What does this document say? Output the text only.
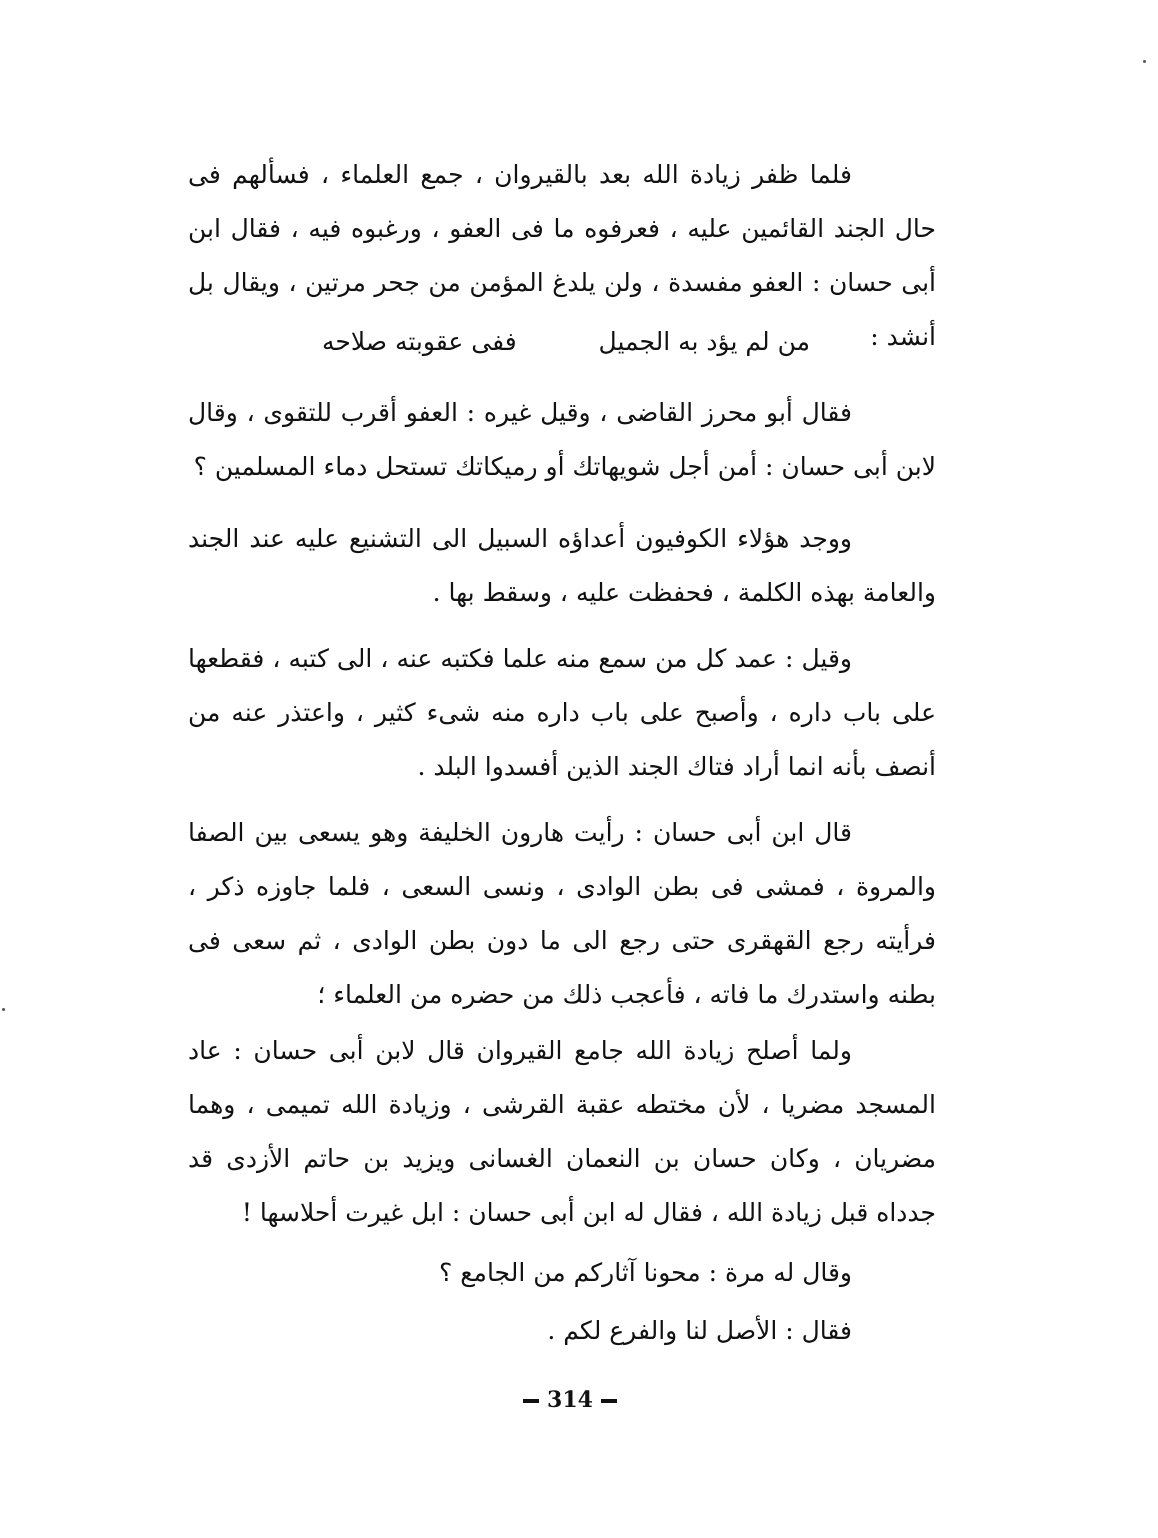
فلما ظفر زيادة الله بعد بالقيروان ، جمع العلماء ، فسألهم فى حال الجند القائمين عليه ، فعرفوه ما فى العفو ، ورغبوه فيه ، فقال ابن أبى حسان : العفو مفسدة ، ولن يلدغ المؤمن من جحر مرتين ، ويقال بل أنشد :

من لم يؤد به الجميل
ففى عقوبته صلاحه

فقال أبو محرز القاضى ، وقيل غيره : العفو أقرب للتقوى ، وقال لابن أبى حسان : أمن أجل شويهاتك أو رميكاتك تستحل دماء المسلمين ؟

ووجد هؤلاء الكوفيون أعداؤه السبيل الى التشنيع عليه عند الجند والعامة بهذه الكلمة ، فحفظت عليه ، وسقط بها .

وقيل : عمد كل من سمع منه علما فكتبه عنه ، الى كتبه ، فقطعها على باب داره ، وأصبح على باب داره منه شىء كثير ، واعتذر عنه من أنصف بأنه انما أراد فتاك الجند الذين أفسدوا البلد .

قال ابن أبى حسان : رأيت هارون الخليفة وهو يسعى بين الصفا والمروة ، فمشى فى بطن الوادى ، ونسى السعى ، فلما جاوزه ذكر ، فرأيته رجع القهقرى حتى رجع الى ما دون بطن الوادى ، ثم سعى فى بطنه واستدرك ما فاته ، فأعجب ذلك من حضره من العلماء ؛

ولما أصلح زيادة الله جامع القيروان قال لابن أبى حسان : عاد المسجد مضريا ، لأن مختطه عقبة القرشى ، وزيادة الله تميمى ، وهما مضريان ، وكان حسان بن النعمان الغسانى ويزيد بن حاتم الأزدى قد جدداه قبل زيادة الله ، فقال له ابن أبى حسان : ابل غيرت أحلاسها !

وقال له مرة : محونا آثاركم من الجامع ؟
فقال : الأصل لنا والفرع لكم .
314
